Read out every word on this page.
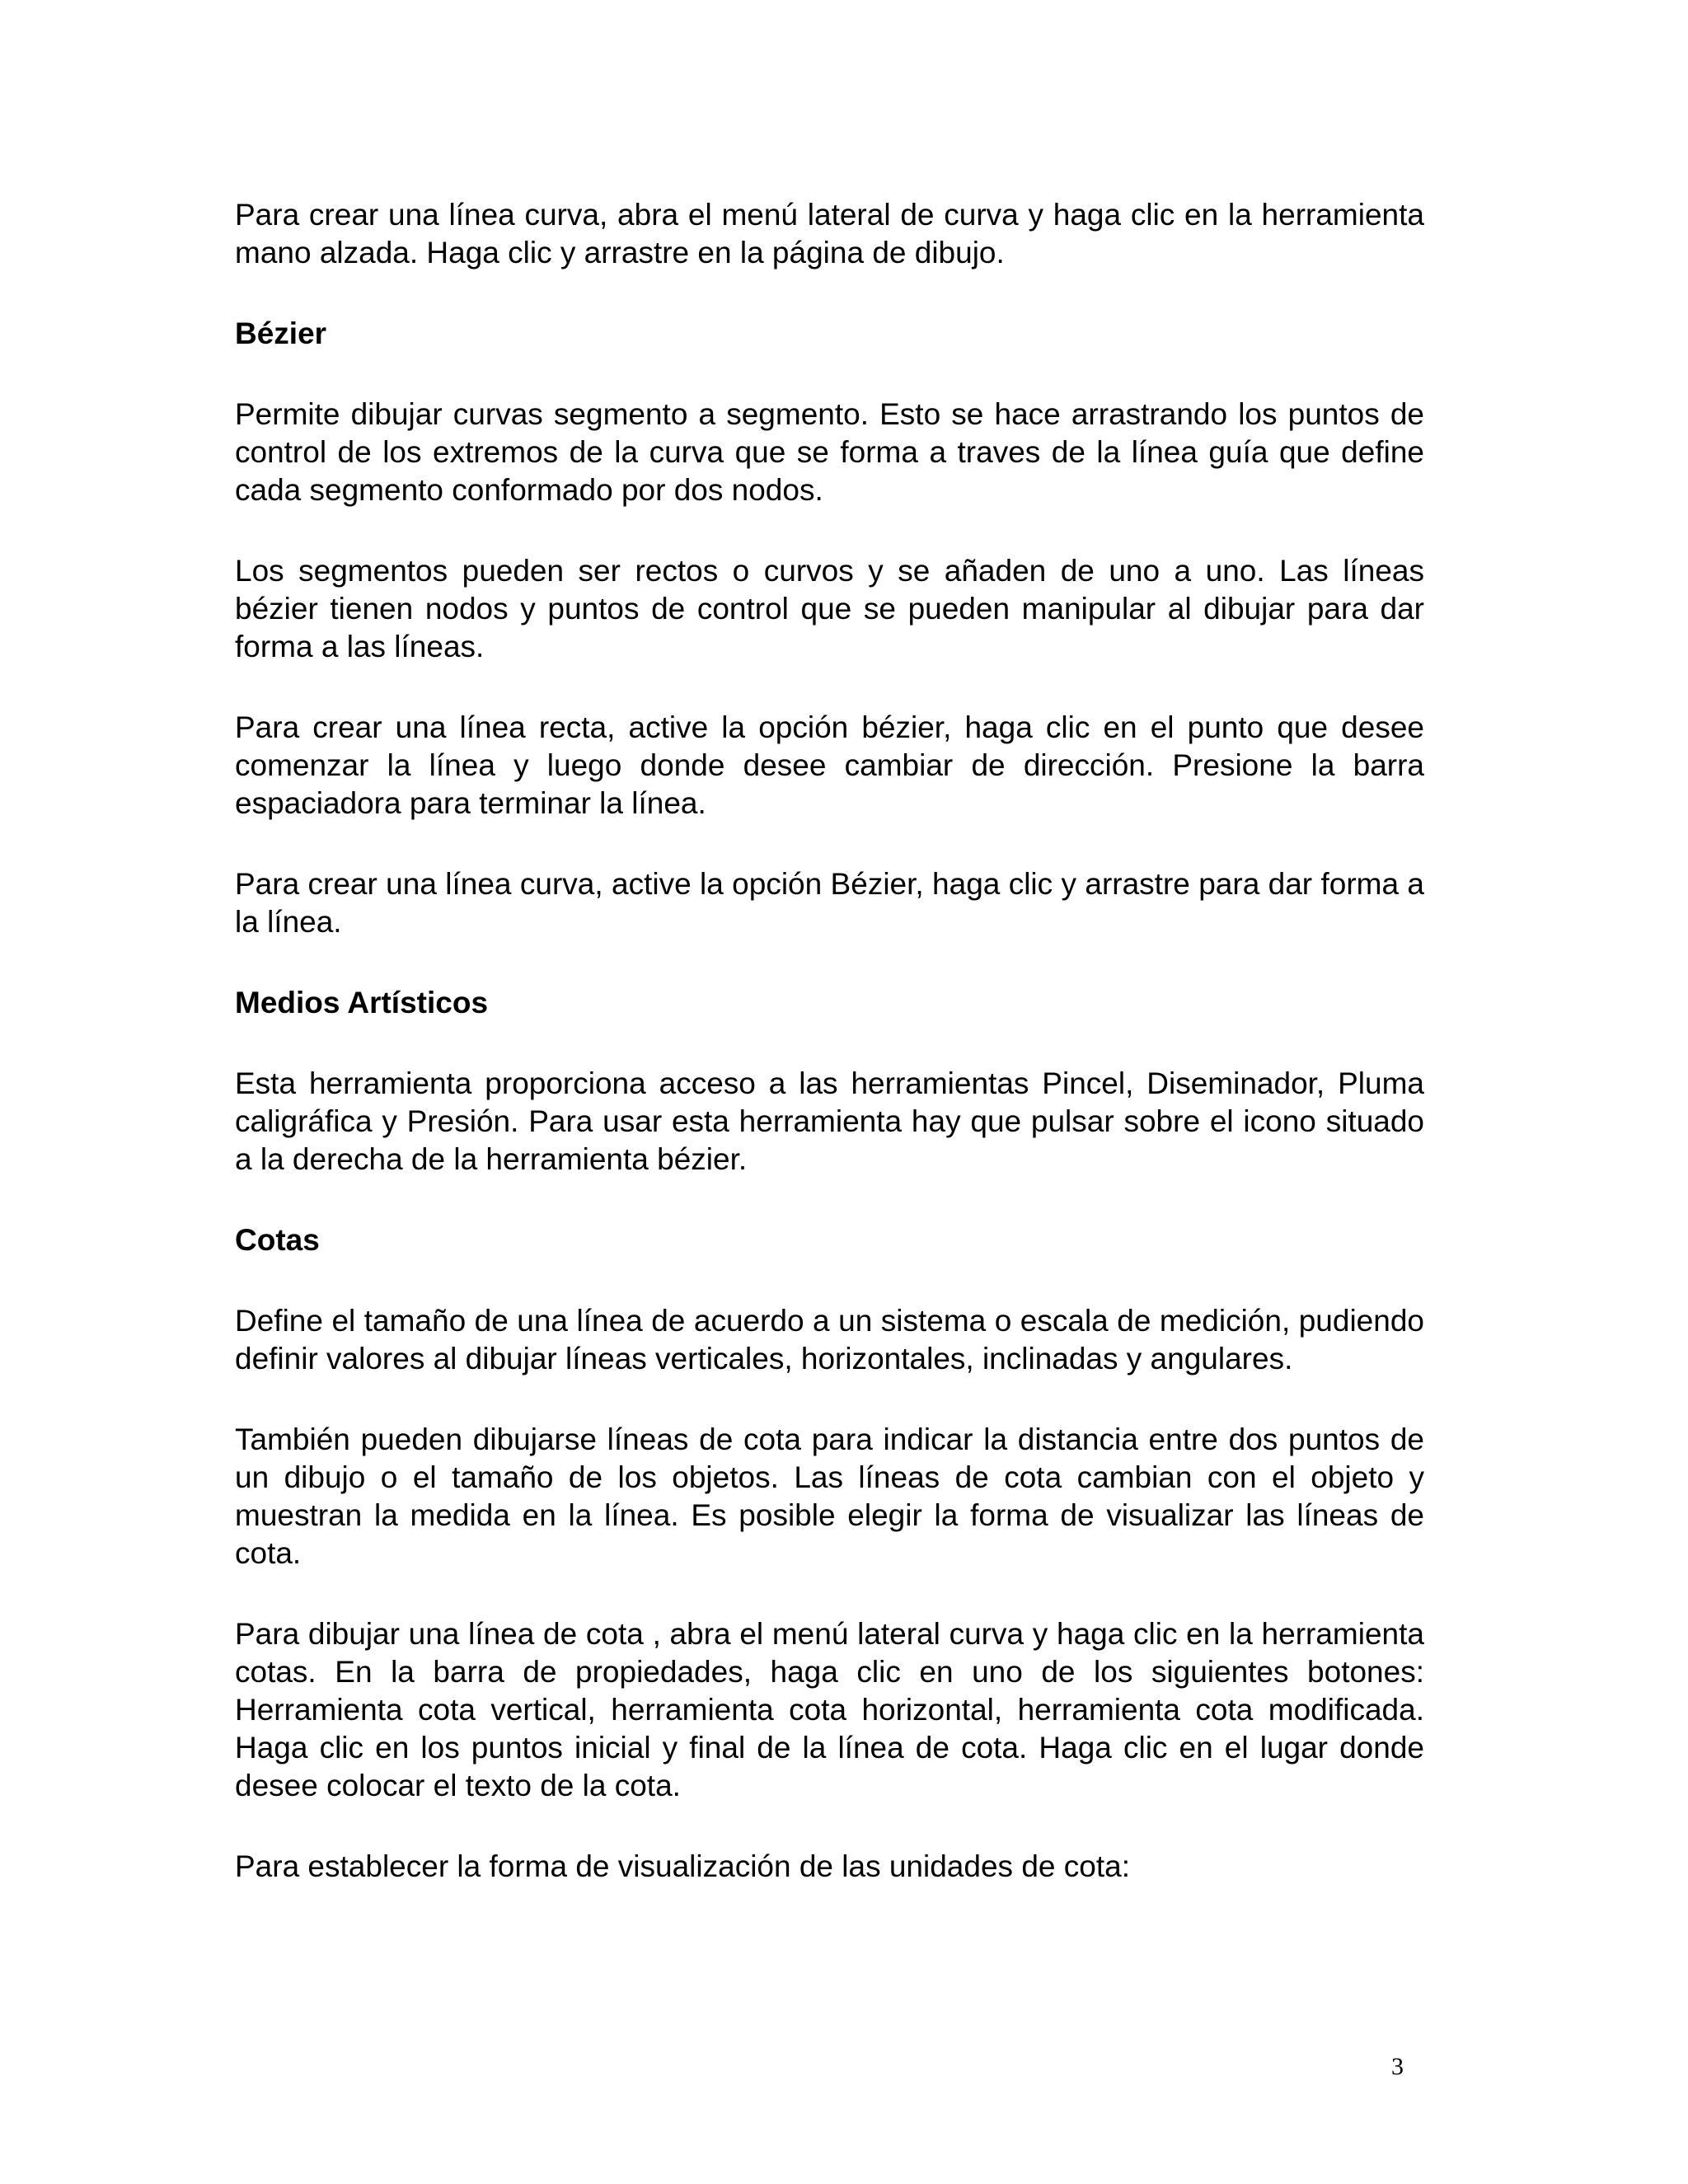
Para crear una línea curva, abra el menú lateral de curva y haga clic en la herramienta mano alzada. Haga clic y arrastre en la página de dibujo.

Bézier

Permite dibujar curvas segmento a segmento. Esto se hace arrastrando los puntos de control de los extremos de la curva que se forma a traves de la línea guía que define cada segmento conformado por dos nodos.

Los segmentos pueden ser rectos o curvos y se añaden de uno a uno. Las líneas bézier tienen nodos y puntos de control que se pueden manipular al dibujar para dar forma a las líneas.

Para crear una línea recta, active la opción bézier, haga clic en el punto que desee comenzar la línea y luego donde desee cambiar de dirección. Presione la barra espaciadora para terminar la línea.

Para crear una línea curva, active la opción Bézier, haga clic y arrastre para dar forma a la línea.

Medios Artísticos

Esta herramienta proporciona acceso a las herramientas Pincel, Diseminador, Pluma caligráfica y Presión. Para usar esta herramienta hay que pulsar sobre el icono situado a la derecha de la herramienta bézier.

Cotas

Define el tamaño de una línea de acuerdo a un sistema o escala de medición, pudiendo definir valores al dibujar líneas verticales, horizontales, inclinadas y angulares.

También pueden dibujarse líneas de cota para indicar la distancia entre dos puntos de un dibujo o el tamaño de los objetos. Las líneas de cota cambian con el objeto y muestran la medida en la línea. Es posible elegir la forma de visualizar las líneas de cota.

Para dibujar una línea de cota , abra el menú lateral curva y haga clic en la herramienta cotas. En la barra de propiedades, haga clic en uno de los siguientes botones: Herramienta cota vertical, herramienta cota horizontal, herramienta cota modificada. Haga clic en los puntos inicial y final de la línea de cota. Haga clic en el lugar donde desee colocar el texto de la cota.

Para establecer la forma de visualización de las unidades de cota:

3
